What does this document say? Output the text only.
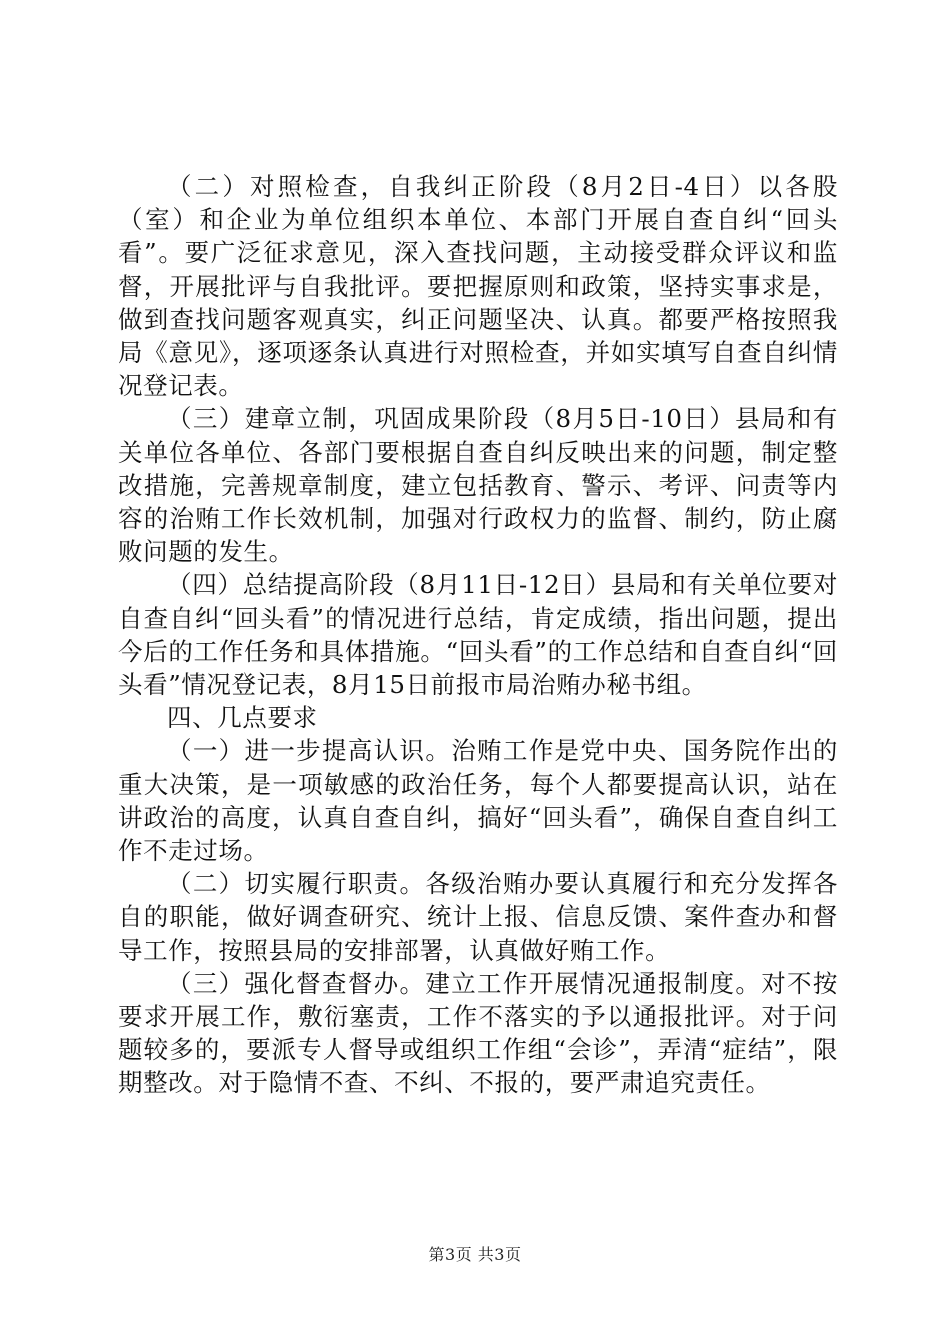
（二）对照检查，自我纠正阶段（8月2日-4日）以各股（室）和企业为单位组织本单位、本部门开展自查自纠“回头看”。要广泛征求意见，深入查找问题，主动接受群众评议和监督，开展批评与自我批评。要把握原则和政策，坚持实事求是，做到查找问题客观真实，纠正问题坚决、认真。都要严格按照我局《意见》，逐项逐条认真进行对照检查，并如实填写自查自纠情况登记表。

（三）建章立制，巩固成果阶段（8月5日-10日）县局和有关单位各单位、各部门要根据自查自纠反映出来的问题，制定整改措施，完善规章制度，建立包括教育、警示、考评、问责等内容的治贿工作长效机制，加强对行政权力的监督、制约，防止腐败问题的发生。

（四）总结提高阶段（8月11日-12日）县局和有关单位要对自查自纠“回头看”的情况进行总结，肯定成绩，指出问题，提出今后的工作任务和具体措施。“回头看”的工作总结和自查自纠“回头看”情况登记表，8月15日前报市局治贿办秘书组。

四、几点要求

（一）进一步提高认识。治贿工作是党中央、国务院作出的重大决策，是一项敏感的政治任务，每个人都要提高认识，站在讲政治的高度，认真自查自纠，搞好“回头看”，确保自查自纠工作不走过场。

（二）切实履行职责。各级治贿办要认真履行和充分发挥各自的职能，做好调查研究、统计上报、信息反馈、案件查办和督导工作，按照县局的安排部署，认真做好贿工作。

（三）强化督查督办。建立工作开展情况通报制度。对不按要求开展工作，敷衍塞责，工作不落实的予以通报批评。对于问题较多的，要派专人督导或组织工作组“会诊”，弄清“症结”，限期整改。对于隐情不查、不纠、不报的，要严肃追究责任。

第3页 共3页
